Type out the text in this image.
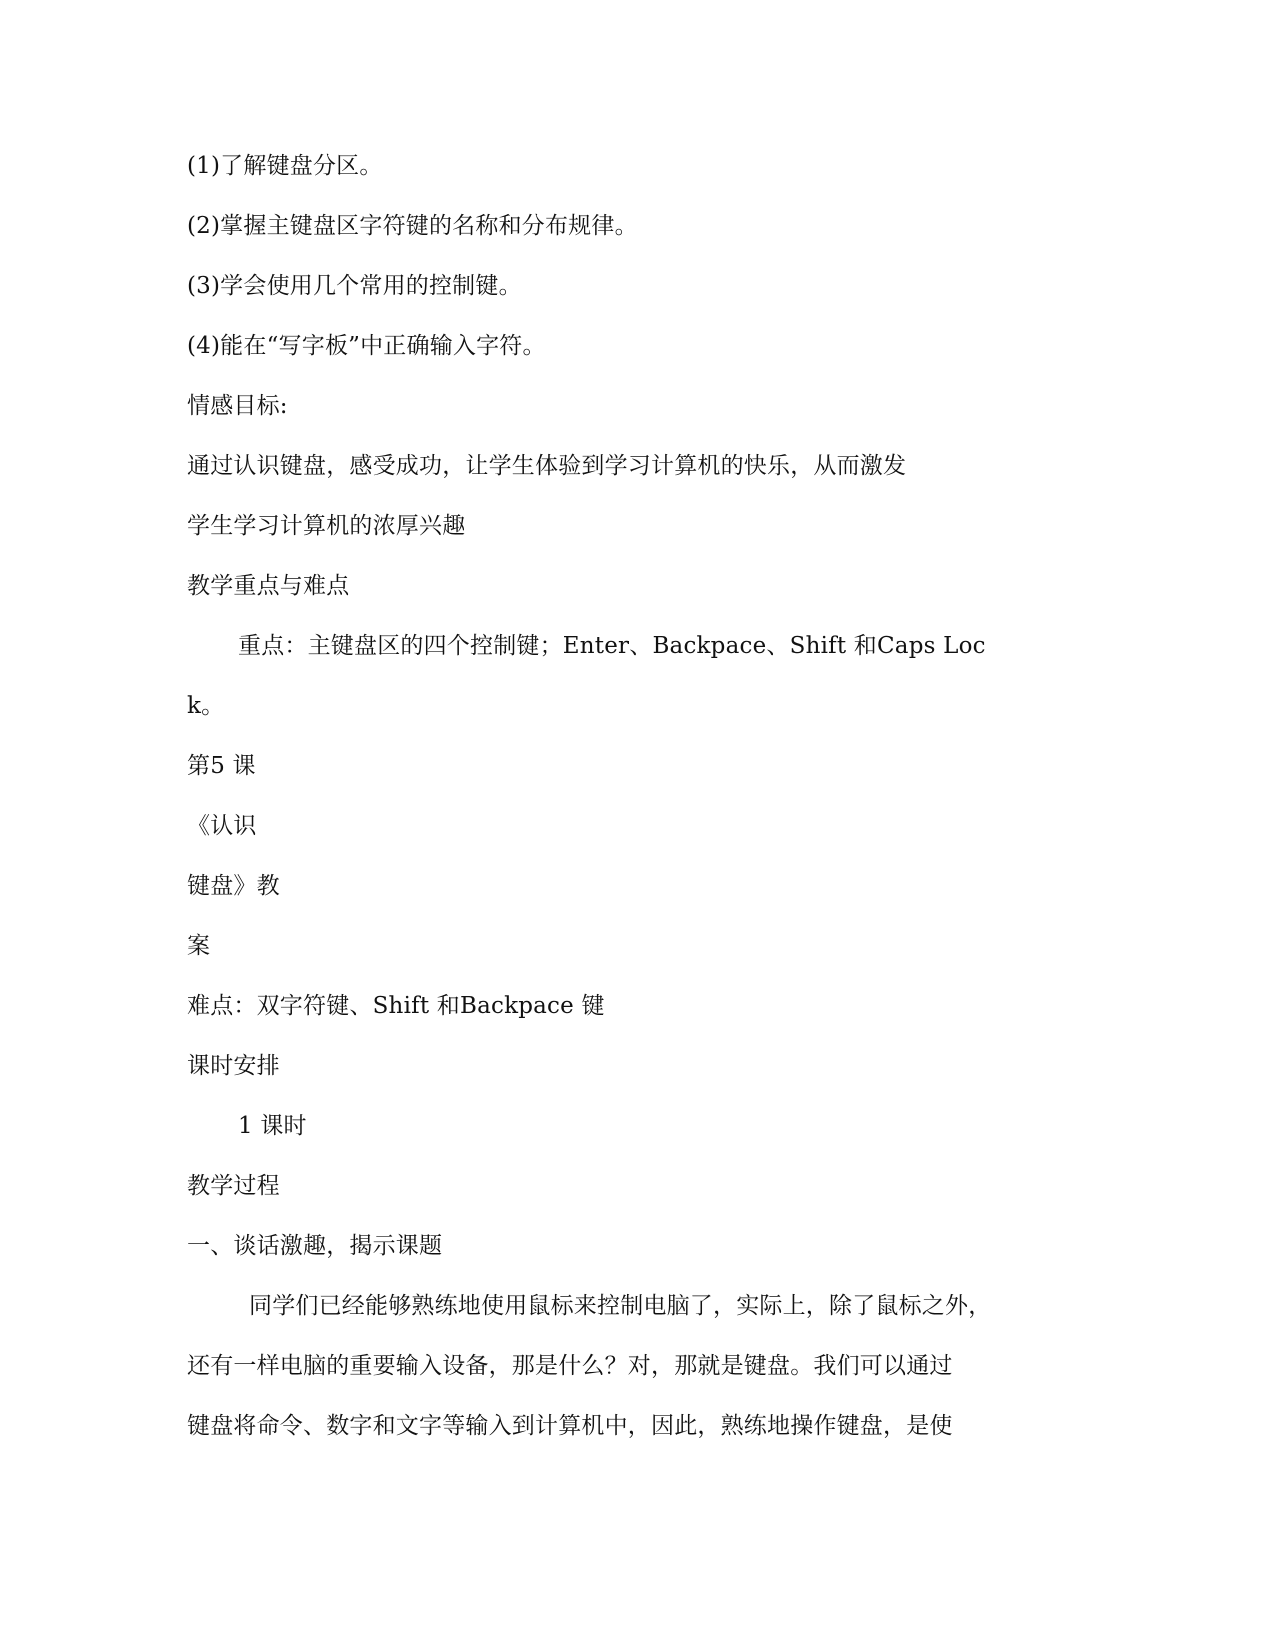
(1)了解键盘分区。

(2)掌握主键盘区字符键的名称和分布规律。

(3)学会使用几个常用的控制键。

(4)能在“写字板”中正确输入字符。

情感目标:

通过认识键盘，感受成功，让学生体验到学习计算机的快乐，从而激发

学生学习计算机的浓厚兴趣

教学重点与难点

重点：主键盘区的四个控制键；Enter、Backpace、Shift 和Caps Loc

k。

第5 课

《认识

键盘》教

案

难点：双字符键、Shift 和Backpace 键

课时安排

1 课时

教学过程

一、谈话激趣，揭示课题

同学们已经能够熟练地使用鼠标来控制电脑了，实际上，除了鼠标之外，

还有一样电脑的重要输入设备，那是什么？对，那就是键盘。我们可以通过

键盘将命令、数字和文字等输入到计算机中，因此，熟练地操作键盘，是使
